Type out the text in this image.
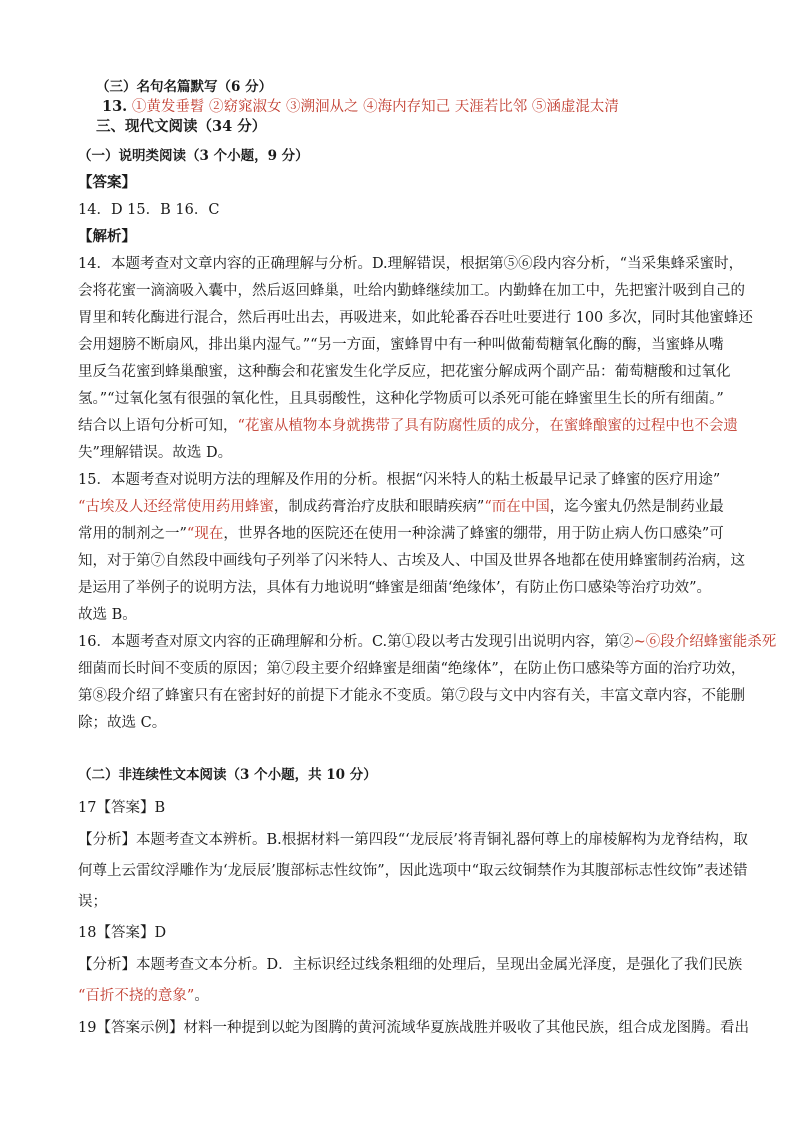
（三）名句名篇默写（6 分）
13. ①黄发垂髫 ②窈窕淑女 ③溯洄从之 ④海内存知己 天涯若比邻 ⑤涵虚混太清
三、现代文阅读（34 分）
（一）说明类阅读（3 个小题，9 分）
【答案】
14．D 15．B 16．C
【解析】
14．本题考查对文章内容的正确理解与分析。D.理解错误，根据第⑤⑥段内容分析，“当采集蜂采蜜时，
会将花蜜一滴滴吸入囊中，然后返回蜂巢，吐给内勤蜂继续加工。内勤蜂在加工中，先把蜜汁吸到自己的
胃里和转化酶进行混合，然后再吐出去，再吸进来，如此轮番吞吞吐吐要进行 100 多次，同时其他蜜蜂还
会用翅膀不断扇风，排出巢内湿气。”“另一方面，蜜蜂胃中有一种叫做葡萄糖氧化酶的酶，当蜜蜂从嘴
里反刍花蜜到蜂巢酿蜜，这种酶会和花蜜发生化学反应，把花蜜分解成两个副产品：葡萄糖酸和过氧化
氢。”“过氧化氢有很强的氧化性，且具弱酸性，这种化学物质可以杀死可能在蜂蜜里生长的所有细菌。”
结合以上语句分析可知，“花蜜从植物本身就携带了具有防腐性质的成分，在蜜蜂酿蜜的过程中也不会遗
失”理解错误。故选 D。
15．本题考查对说明方法的理解及作用的分析。根据“闪米特人的粘土板最早记录了蜂蜜的医疗用途”
“古埃及人还经常使用药用蜂蜜，制成药膏治疗皮肤和眼睛疾病”“而在中国，迄今蜜丸仍然是制药业最
常用的制剂之一”“现在，世界各地的医院还在使用一种涂满了蜂蜜的绷带，用于防止病人伤口感染”可
知，对于第⑦自然段中画线句子列举了闪米特人、古埃及人、中国及世界各地都在使用蜂蜜制药治病，这
是运用了举例子的说明方法，具体有力地说明“蜂蜜是细菌‘绝缘体’，有防止伤口感染等治疗功效”。
故选 B。
16．本题考查对原文内容的正确理解和分析。C.第①段以考古发现引出说明内容，第②~⑥段介绍蜂蜜能杀死
细菌而长时间不变质的原因；第⑦段主要介绍蜂蜜是细菌“绝缘体”，在防止伤口感染等方面的治疗功效，
第⑧段介绍了蜂蜜只有在密封好的前提下才能永不变质。第⑦段与文中内容有关，丰富文章内容，不能删
除；故选 C。
（二）非连续性文本阅读（3 个小题，共 10 分）
17【答案】B
【分析】本题考查文本辨析。B.根据材料一第四段“‘龙辰辰’将青铜礼器何尊上的扉棱解构为龙脊结构，取
何尊上云雷纹浮雕作为‘龙辰辰’腹部标志性纹饰”，因此选项中“取云纹铜禁作为其腹部标志性纹饰”表述错
误；
18【答案】D
【分析】本题考查文本分析。D．主标识经过线条粗细的处理后，呈现出金属光泽度，是强化了我们民族
“百折不挠的意象”。
19【答案示例】材料一种提到以蛇为图腾的黄河流域华夏族战胜并吸收了其他民族，组合成龙图腾。看出
